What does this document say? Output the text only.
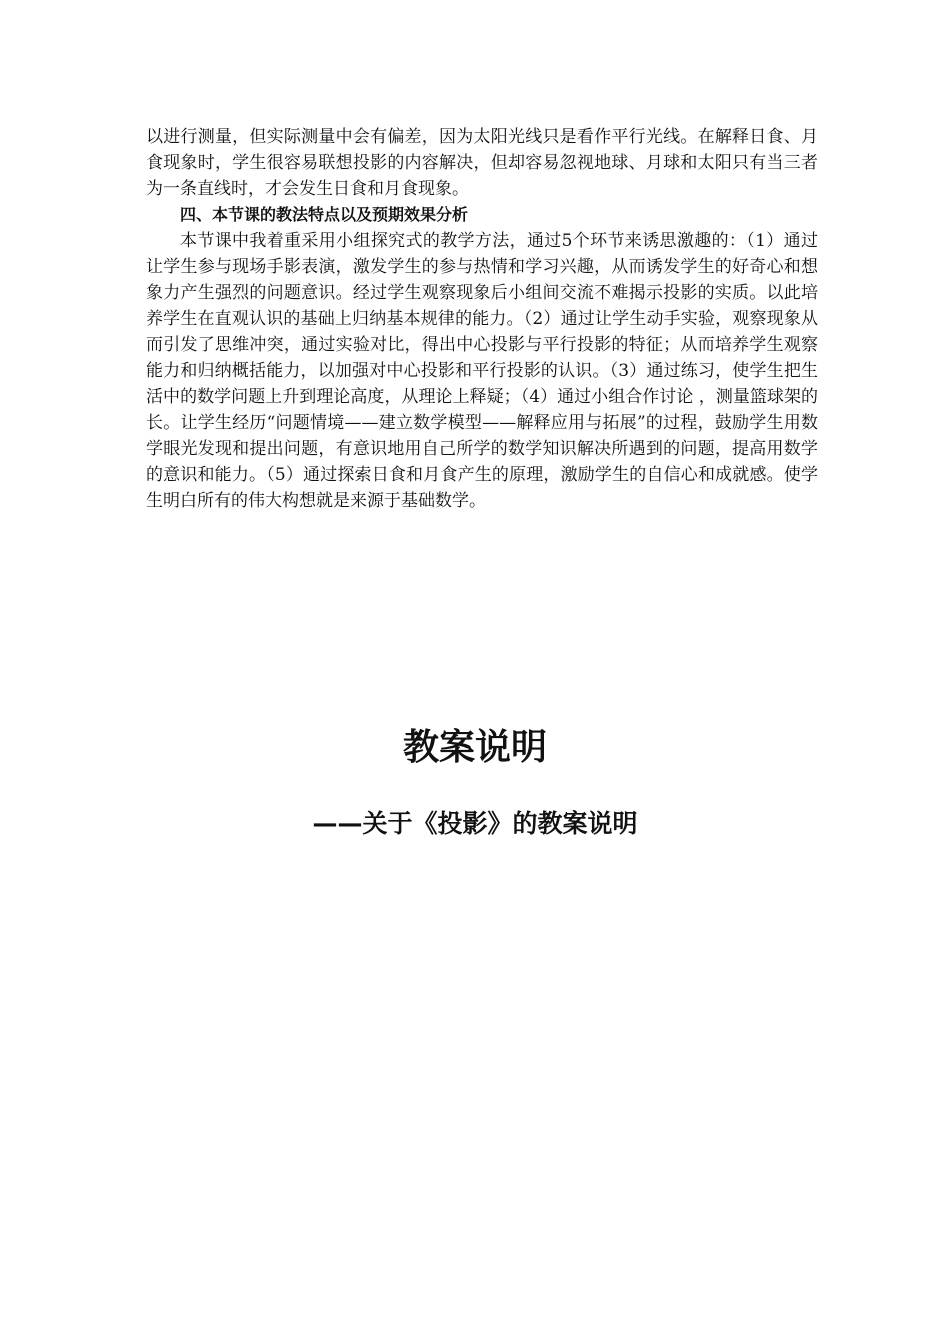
以进行测量，但实际测量中会有偏差，因为太阳光线只是看作平行光线。在解释日食、月食现象时，学生很容易联想投影的内容解决，但却容易忽视地球、月球和太阳只有当三者为一条直线时，才会发生日食和月食现象。

四、本节课的教法特点以及预期效果分析

本节课中我着重采用小组探究式的教学方法，通过5个环节来诱思激趣的：（1）通过让学生参与现场手影表演，激发学生的参与热情和学习兴趣，从而诱发学生的好奇心和想象力产生强烈的问题意识。经过学生观察现象后小组间交流不难揭示投影的实质。以此培养学生在直观认识的基础上归纳基本规律的能力。（2）通过让学生动手实验，观察现象从而引发了思维冲突，通过实验对比，得出中心投影与平行投影的特征；从而培养学生观察能力和归纳概括能力，以加强对中心投影和平行投影的认识。（3）通过练习，使学生把生活中的数学问题上升到理论高度，从理论上释疑；（4）通过小组合作讨论 ，测量篮球架的长。让学生经历“问题情境——建立数学模型——解释应用与拓展”的过程，鼓励学生用数学眼光发现和提出问题，有意识地用自己所学的数学知识解决所遇到的问题，提高用数学的意识和能力。（5）通过探索日食和月食产生的原理，激励学生的自信心和成就感。使学生明白所有的伟大构想就是来源于基础数学。

教案说明
——关于《投影》的教案说明
